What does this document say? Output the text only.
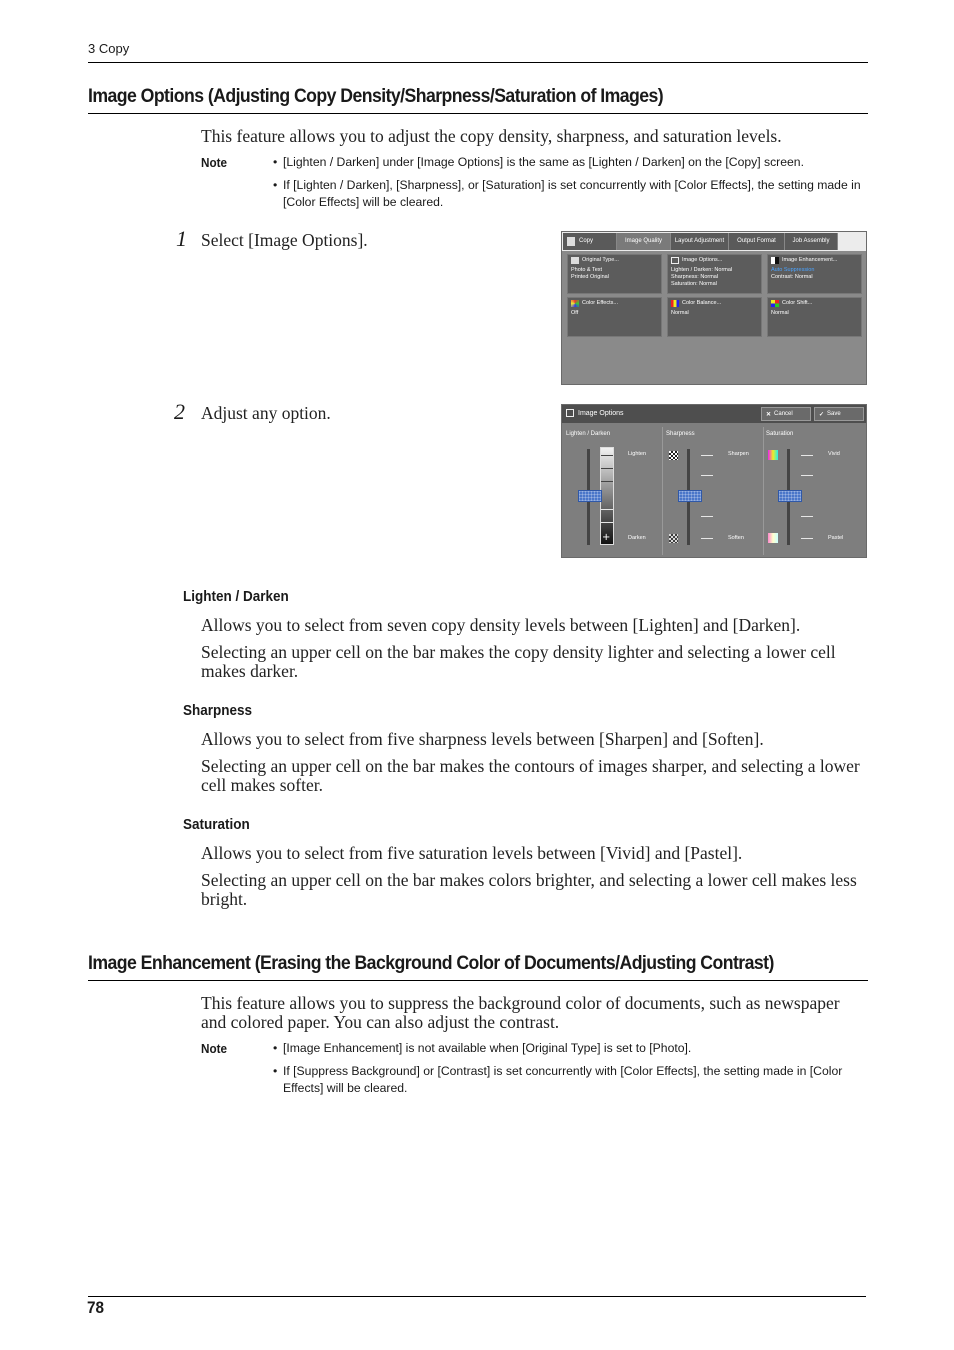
3 Copy
Image Options (Adjusting Copy Density/Sharpness/Saturation of Images)
This feature allows you to adjust the copy density, sharpness, and saturation levels.
Note	• [Lighten / Darken] under [Image Options] is the same as [Lighten / Darken] on the [Copy] screen.
• If [Lighten / Darken], [Sharpness], or [Saturation] is set concurrently with [Color Effects], the setting made in [Color Effects] will be cleared.
1 Select [Image Options].	Copy	Image Quality	Layout Adjustment	Output Format	Job Assembly
Original Type...
Photo & Text
Printed Original
Image Options...
Lighten / Darken: Normal
Sharpness: Normal
Saturation: Normal
Image Enhancement...
Auto Suppression
Contrast: Normal
Color Effects...
Off
Color Balance...
Normal
Color Shift...
Normal
2 Adjust any option.	Image Options	✕ Cancel	✓ Save
Lighten / Darken
+
Lighten
Darken
Sharpness
Sharpen
Soften
Saturation
Vivid
Pastel
Lighten / Darken
Allows you to select from seven copy density levels between [Lighten] and [Darken].
Selecting an upper cell on the bar makes the copy density lighter and selecting a lower cell makes darker.
Sharpness
Allows you to select from five sharpness levels between [Sharpen] and [Soften].
Selecting an upper cell on the bar makes the contours of images sharper, and selecting a lower cell makes softer.
Saturation
Allows you to select from five saturation levels between [Vivid] and [Pastel].
Selecting an upper cell on the bar makes colors brighter, and selecting a lower cell makes less bright.
Image Enhancement (Erasing the Background Color of Documents/Adjusting Contrast)
This feature allows you to suppress the background color of documents, such as newspaper and colored paper. You can also adjust the contrast.
Note	• [Image Enhancement] is not available when [Original Type] is set to [Photo].
• If [Suppress Background] or [Contrast] is set concurrently with [Color Effects], the setting made in [Color Effects] will be cleared.
78
